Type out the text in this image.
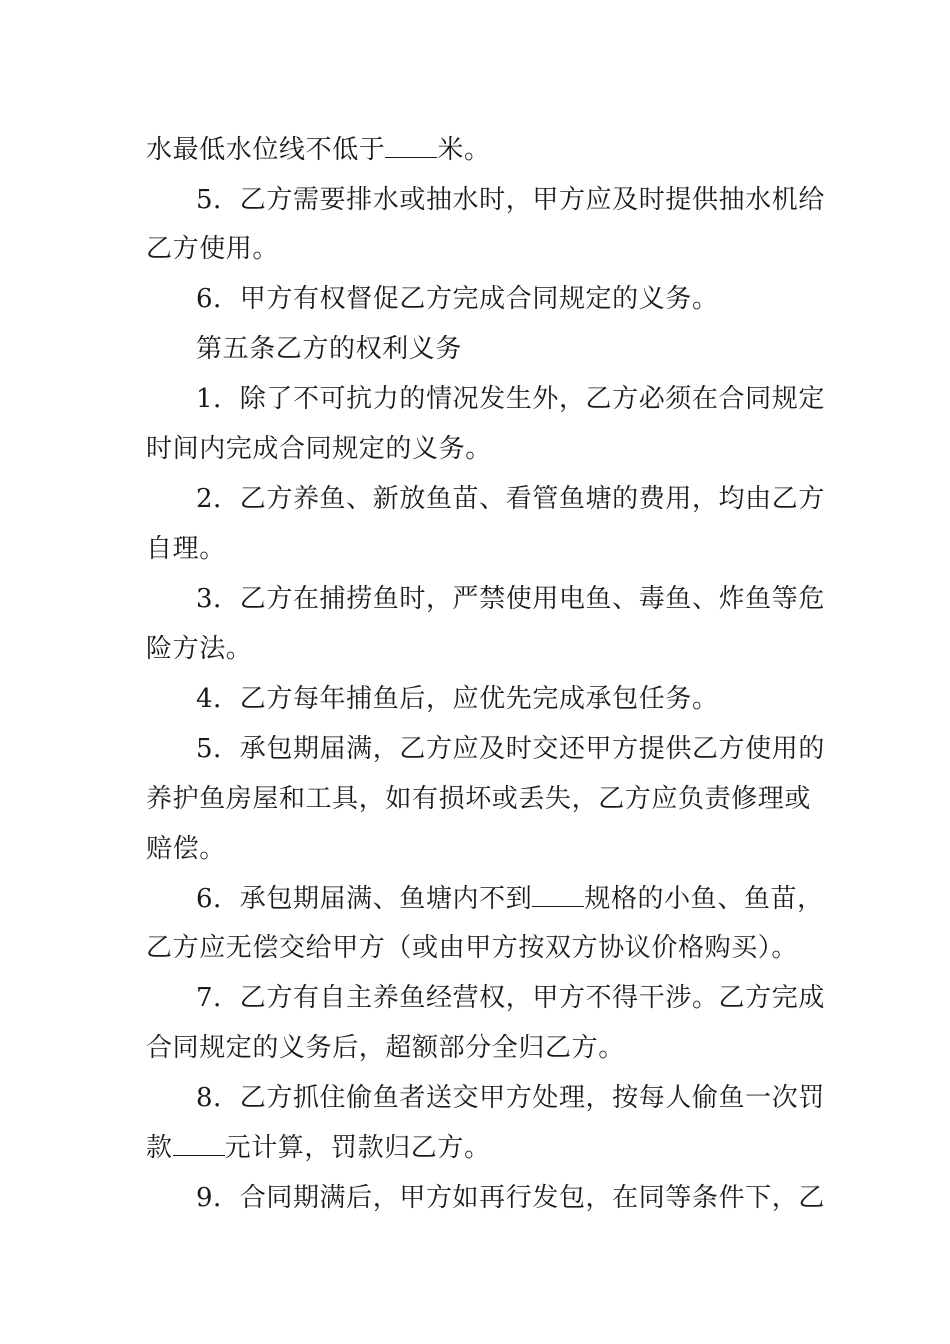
水最低水位线不低于 米。
5．乙方需要排水或抽水时，甲方应及时提供抽水机给
乙方使用。
6．甲方有权督促乙方完成合同规定的义务。
第五条乙方的权利义务
1．除了不可抗力的情况发生外，乙方必须在合同规定
时间内完成合同规定的义务。
2．乙方养鱼、新放鱼苗、看管鱼塘的费用，均由乙方
自理。
3．乙方在捕捞鱼时，严禁使用电鱼、毒鱼、炸鱼等危
险方法。
4．乙方每年捕鱼后，应优先完成承包任务。
5．承包期届满，乙方应及时交还甲方提供乙方使用的
养护鱼房屋和工具，如有损坏或丢失，乙方应负责修理或
赔偿。
6．承包期届满、鱼塘内不到 规格的小鱼、鱼苗，
乙方应无偿交给甲方（或由甲方按双方协议价格购买）。
7．乙方有自主养鱼经营权，甲方不得干涉。乙方完成
合同规定的义务后，超额部分全归乙方。
8．乙方抓住偷鱼者送交甲方处理，按每人偷鱼一次罚
款 元计算，罚款归乙方。
9．合同期满后，甲方如再行发包，在同等条件下，乙
